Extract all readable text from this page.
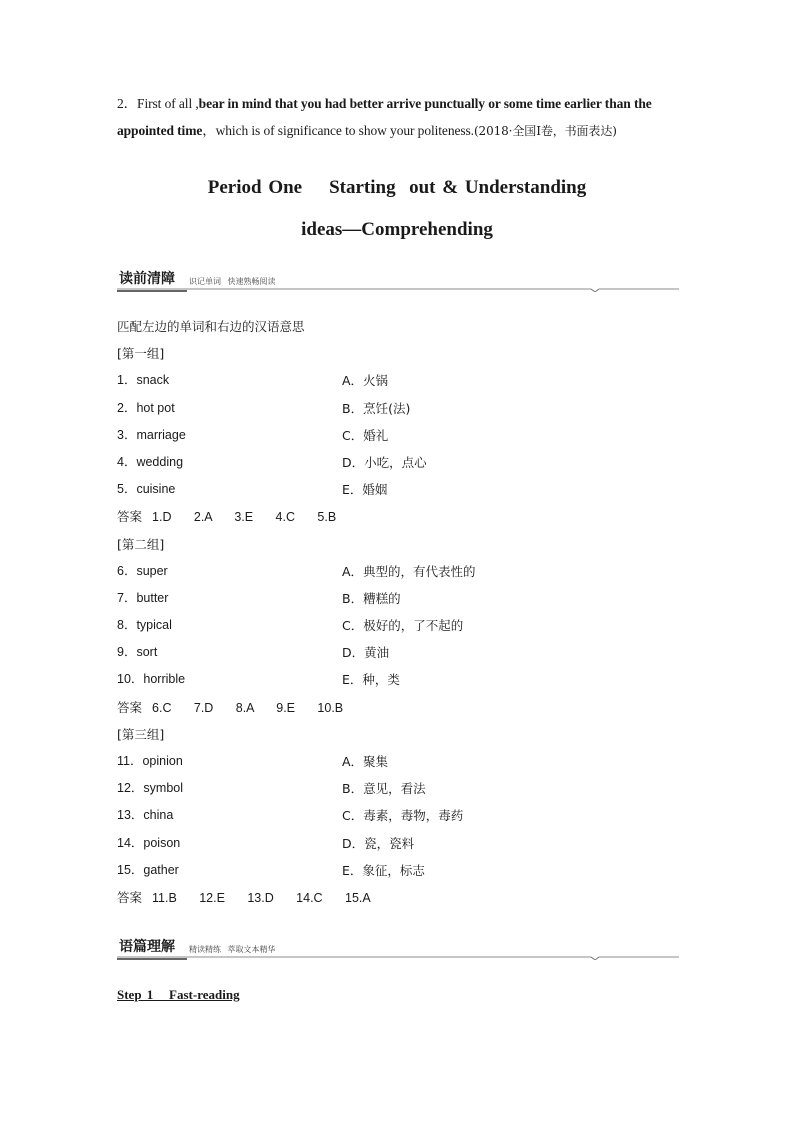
2．First of all ,bear in mind that you had better arrive punctually or some time earlier than the appointed time，which is of significance to show your politeness.(2018·全国Ⅰ卷，书面表达)
Period One    Starting  out & Understanding
ideas—Comprehending
读前清障 识记单词 快速熟畅阅读
匹配左边的单词和右边的汉语意思
[第一组]
1．snack	A．火锅
2．hot pot	B．烹饪(法)
3．marriage	C．婚礼
4．wedding	D．小吃，点心
5．cuisine	E．婚姻
答案 1.D   2.A   3.E   4.C   5.B
[第二组]
6．super	A．典型的，有代表性的
7．butter	B．糟糕的
8．typical	C．极好的，了不起的
9．sort	D．黄油
10．horrible	E．种，类
答案 6.C   7.D   8.A   9.E   10.B
[第三组]
11．opinion	A．聚集
12．symbol	B．意见，看法
13．china	C．毒素，毒物，毒药
14．poison	D．瓷，瓷料
15．gather	E．象征，标志
答案 11.B   12.E   13.D   14.C   15.A
语篇理解 精读精练 萃取文本精华
Step 1   Fast-reading
